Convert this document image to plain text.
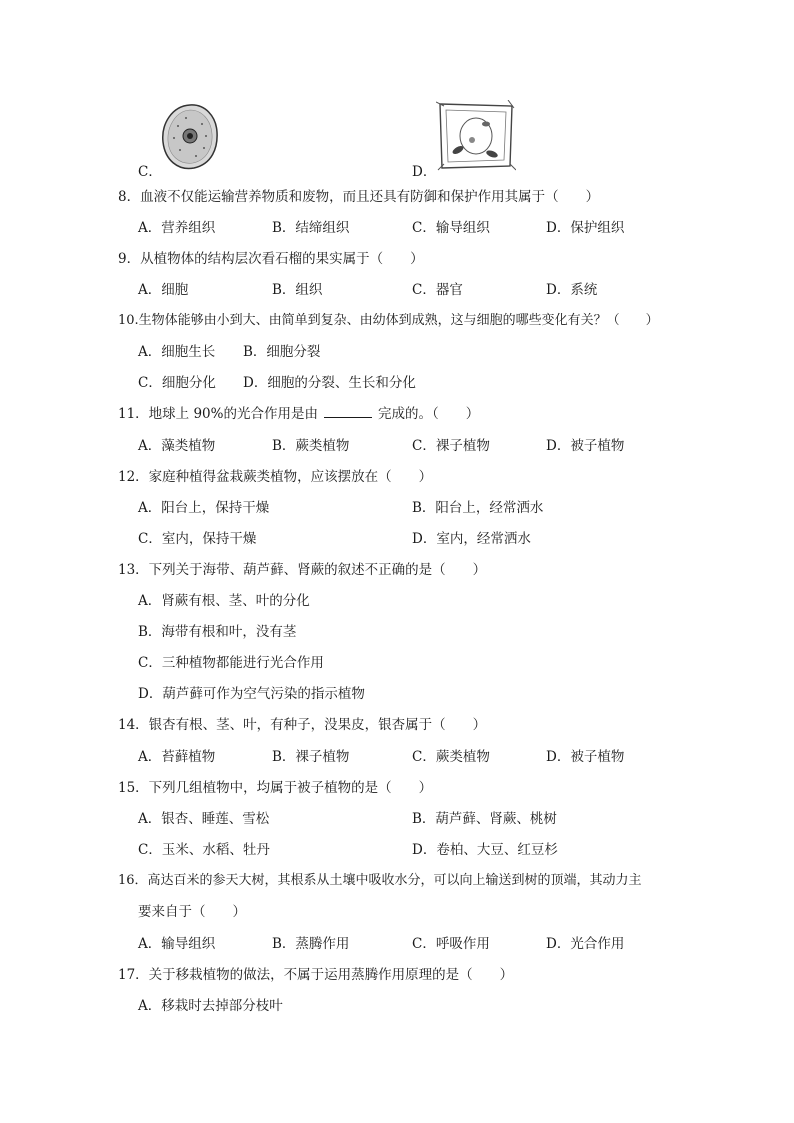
C．	D．
8．血液不仅能运输营养物质和废物，而且还具有防御和保护作用其属于（　　）
A．营养组织	B．结缔组织	C．输导组织	D．保护组织
9．从植物体的结构层次看石榴的果实属于（　　）
A．细胞	B．组织	C．器官	D．系统
10.生物体能够由小到大、由简单到复杂、由幼体到成熟，这与细胞的哪些变化有关？（　　）
A．细胞生长 B．细胞分裂
C．细胞分化 D．细胞的分裂、生长和分化
11．地球上 90%的光合作用是由	完成的。（　　）
A．藻类植物	B．蕨类植物	C．裸子植物	D．被子植物
12．家庭种植得盆栽蕨类植物，应该摆放在（　　）
A．阳台上，保持干燥	B．阳台上，经常洒水
C．室内，保持干燥	D．室内，经常洒水
13．下列关于海带、葫芦藓、肾蕨的叙述不正确的是（　　）
A．肾蕨有根、茎、叶的分化
B．海带有根和叶，没有茎
C．三种植物都能进行光合作用
D．葫芦藓可作为空气污染的指示植物
14．银杏有根、茎、叶，有种子，没果皮，银杏属于（　　）
A．苔藓植物	B．裸子植物	C．蕨类植物	D．被子植物
15．下列几组植物中，均属于被子植物的是（　　）
A．银杏、睡莲、雪松	B．葫芦藓、肾蕨、桃树
C．玉米、水稻、牡丹	D．卷柏、大豆、红豆杉
16．高达百米的参天大树，其根系从土壤中吸收水分，可以向上输送到树的顶端，其动力主
要来自于（　　）
A．输导组织	B．蒸腾作用	C．呼吸作用	D．光合作用
17．关于移栽植物的做法，不属于运用蒸腾作用原理的是（　　）
A．移栽时去掉部分枝叶
